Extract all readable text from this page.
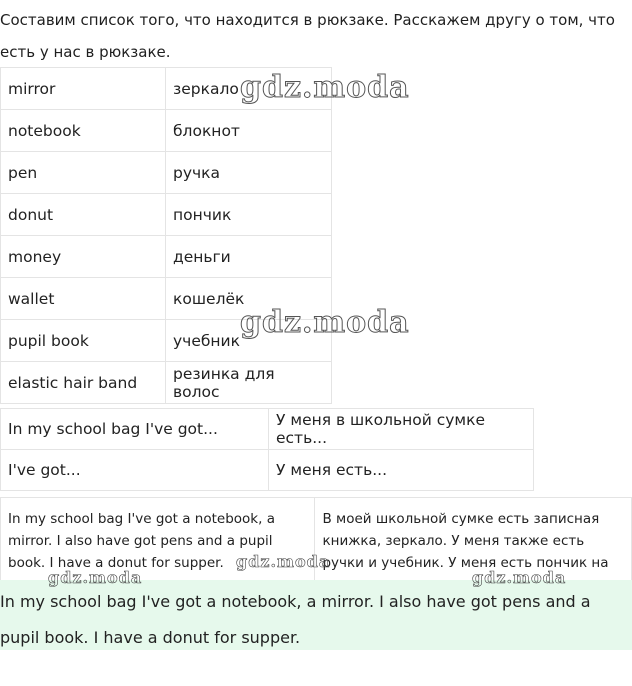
Составим список того, что находится в рюкзаке. Расскажем другу о том, что есть у нас в рюкзаке.

mirror	зеркало
notebook	блокнот
pen	ручка
donut	пончик
money	деньги
wallet	кошелёк
pupil book	учебник
elastic hair band	резинка для волос
In my school bag I've got...	У меня в школьной сумке есть...
I've got...	У меня есть...
In my school bag I've got a notebook, a mirror. I also have got pens and a pupil book. I have a donut for supper.	В моей школьной сумке есть записная книжка, зеркало. У меня также есть ручки и учебник. У меня есть пончик на
In my school bag I've got a notebook, a mirror. I also have got pens and a pupil book. I have a donut for supper.
gdz.moda
gdz.moda
gdz.moda
gdz.moda	gdz.moda
